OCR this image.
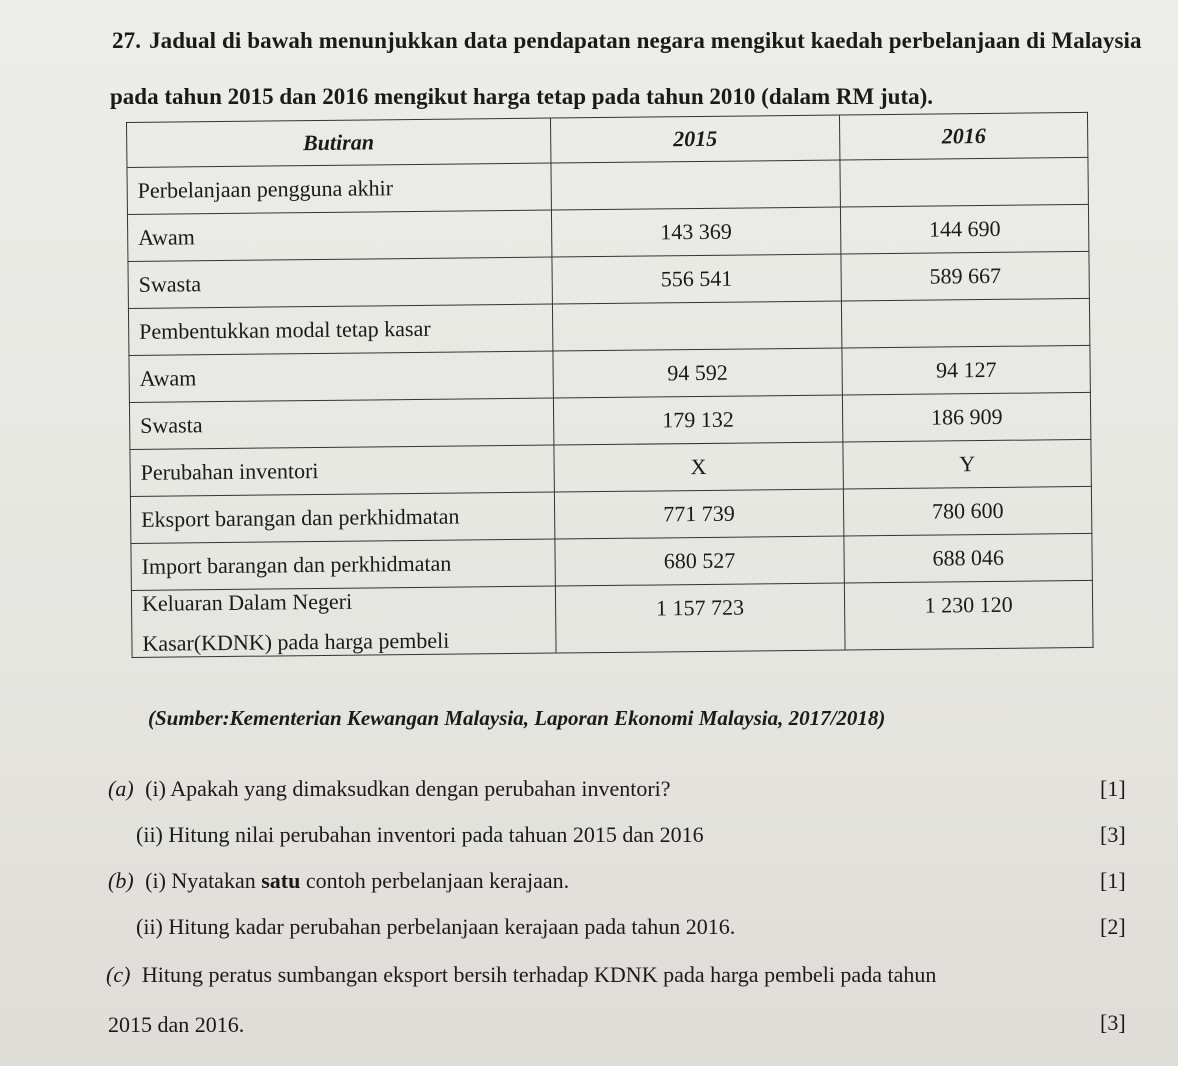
27. Jadual di bawah menunjukkan data pendapatan negara mengikut kaedah perbelanjaan di Malaysia
pada tahun 2015 dan 2016 mengikut harga tetap pada tahun 2010 (dalam RM juta).
Butiran	2015	2016
Perbelanjaan pengguna akhir		
Awam	143 369	144 690
Swasta	556 541	589 667
Pembentukkan modal tetap kasar		
Awam	94 592	94 127
Swasta	179 132	186 909
Perubahan inventori	X	Y
Eksport barangan dan perkhidmatan	771 739	780 600
Import barangan dan perkhidmatan	680 527	688 046

Keluaran Dalam Negeri
Kasar(KDNK) pada harga pembeli	1 157 723	1 230 120
(Sumber:Kementerian Kewangan Malaysia, Laporan Ekonomi Malaysia, 2017/2018)
(a) (i) Apakah yang dimaksudkan dengan perubahan inventori?	[1]
(ii) Hitung nilai perubahan inventori pada tahuan 2015 dan 2016	[3]
(b) (i) Nyatakan satu contoh perbelanjaan kerajaan.	[1]
(ii) Hitung kadar perubahan perbelanjaan kerajaan pada tahun 2016.	[2]
(c) Hitung peratus sumbangan eksport bersih terhadap KDNK pada harga pembeli pada tahun
2015 dan 2016.	[3]
